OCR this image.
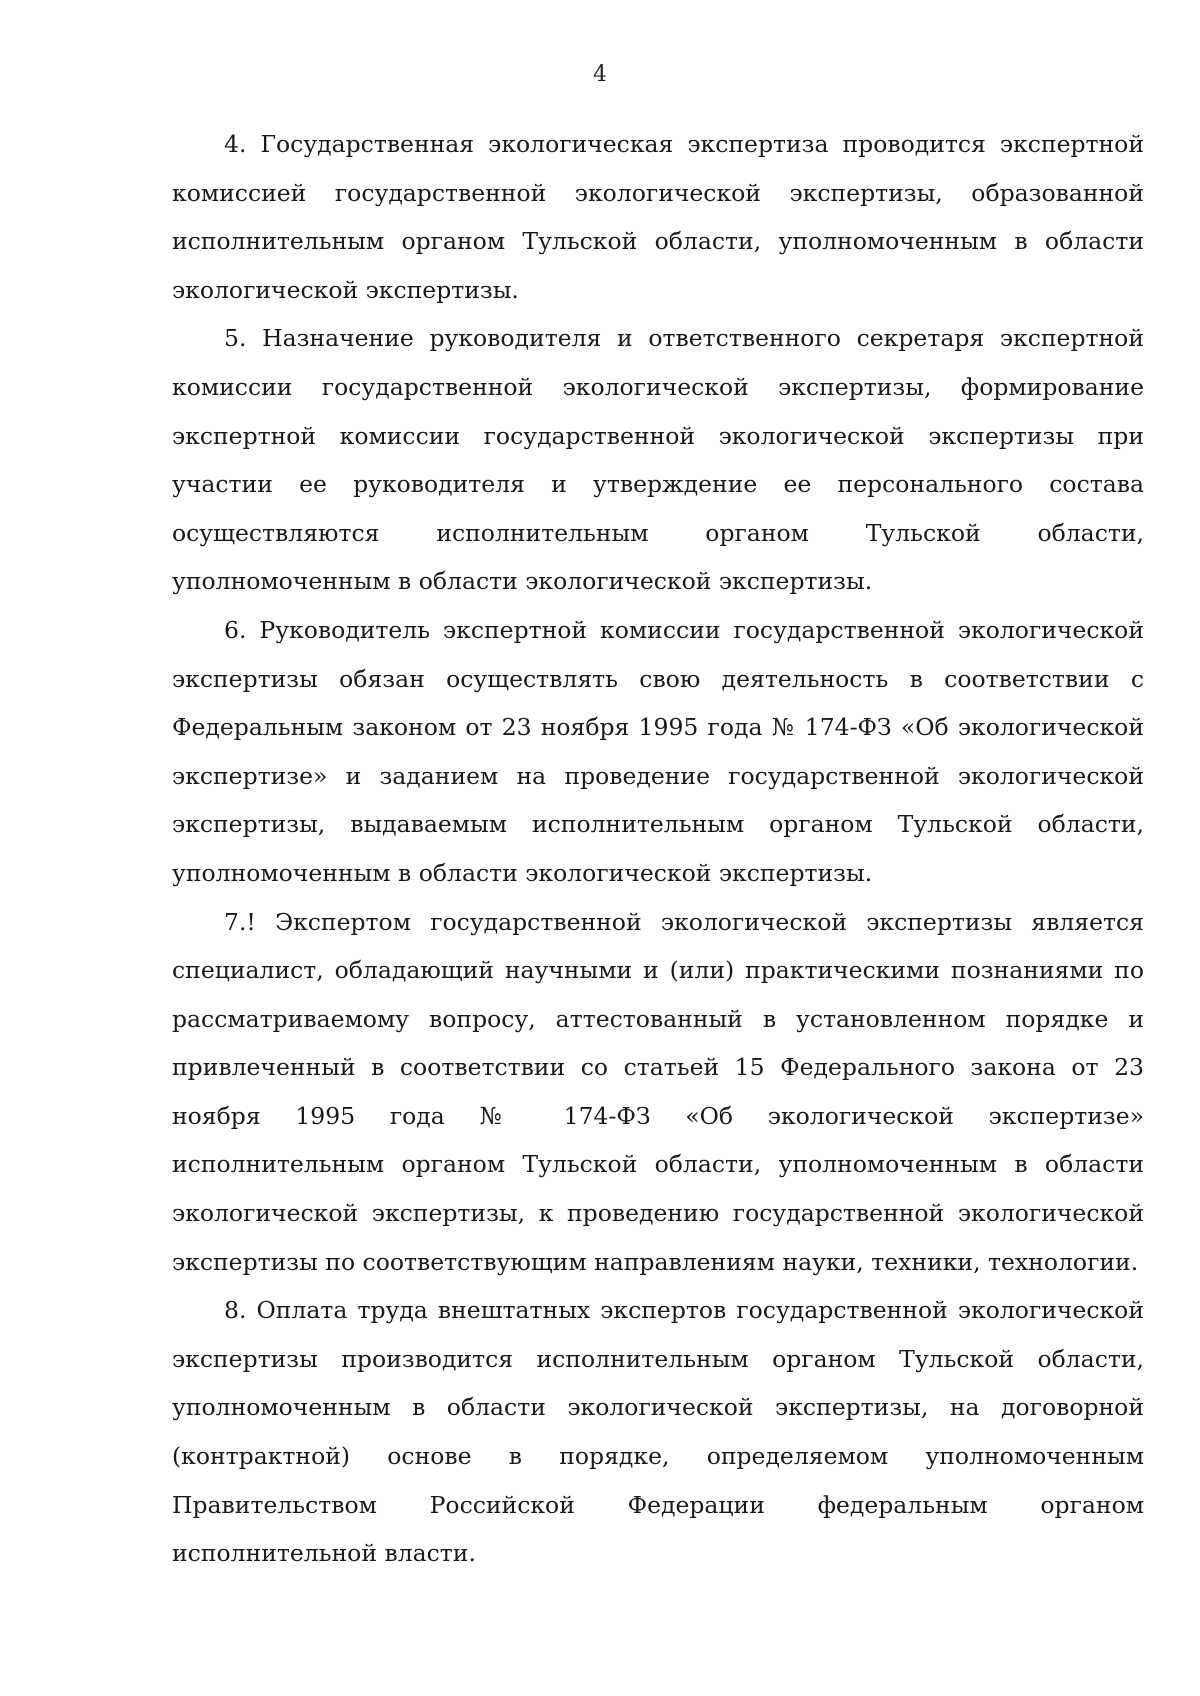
4

4. Государственная экологическая экспертиза проводится экспертной комиссией государственной экологической экспертизы, образованной исполнительным органом Тульской области, уполномоченным в области экологической экспертизы.

5. Назначение руководителя и ответственного секретаря экспертной комиссии государственной экологической экспертизы, формирование экспертной комиссии государственной экологической экспертизы при участии ее руководителя и утверждение ее персонального состава осуществляются исполнительным органом Тульской области, уполномоченным в области экологической экспертизы.

6. Руководитель экспертной комиссии государственной экологической экспертизы обязан осуществлять свою деятельность в соответствии с Федеральным законом от 23 ноября 1995 года № 174-ФЗ «Об экологической экспертизе» и заданием на проведение государственной экологической экспертизы, выдаваемым исполнительным органом Тульской области, уполномоченным в области экологической экспертизы.

7.! Экспертом государственной экологической экспертизы является специалист, обладающий научными и (или) практическими познаниями по рассматриваемому вопросу, аттестованный в установленном порядке и привлеченный в соответствии со статьей 15 Федерального закона от 23 ноября 1995 года № 174-ФЗ «Об экологической экспертизе» исполнительным органом Тульской области, уполномоченным в области экологической экспертизы, к проведению государственной экологической экспертизы по соответствующим направлениям науки, техники, технологии.

8. Оплата труда внештатных экспертов государственной экологической экспертизы производится исполнительным органом Тульской области, уполномоченным в области экологической экспертизы, на договорной (контрактной) основе в порядке, определяемом уполномоченным Правительством Российской Федерации федеральным органом исполнительной власти.
